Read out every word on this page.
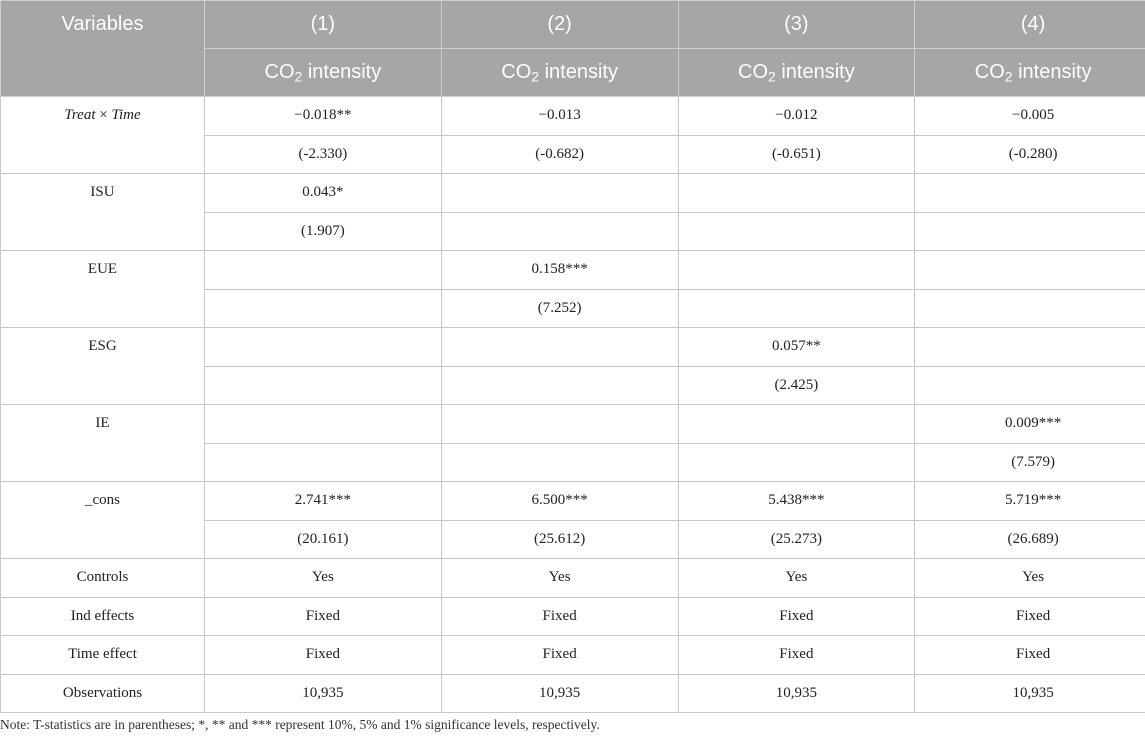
Variables	(1)	(2)	(3)	(4)
	$CO_2$ intensity	$CO_2$ intensity	$CO_2$ intensity	$CO_2$ intensity
Treat × Time	−0.018**	−0.013	−0.012	−0.005
	(-2.330)	(-0.682)	(-0.651)	(-0.280)
ISU	0.043*			
	(1.907)			
EUE		0.158***		
		(7.252)		
ESG			0.057**	
			(2.425)	
IE				0.009***
				(7.579)
_cons	2.741***	6.500***	5.438***	5.719***
	(20.161)	(25.612)	(25.273)	(26.689)
Controls	Yes	Yes	Yes	Yes
Ind effects	Fixed	Fixed	Fixed	Fixed
Time effect	Fixed	Fixed	Fixed	Fixed
Observations	10,935	10,935	10,935	10,935
Note: T-statistics are in parentheses; *, ** and *** represent 10%, 5% and 1% significance levels, respectively.
